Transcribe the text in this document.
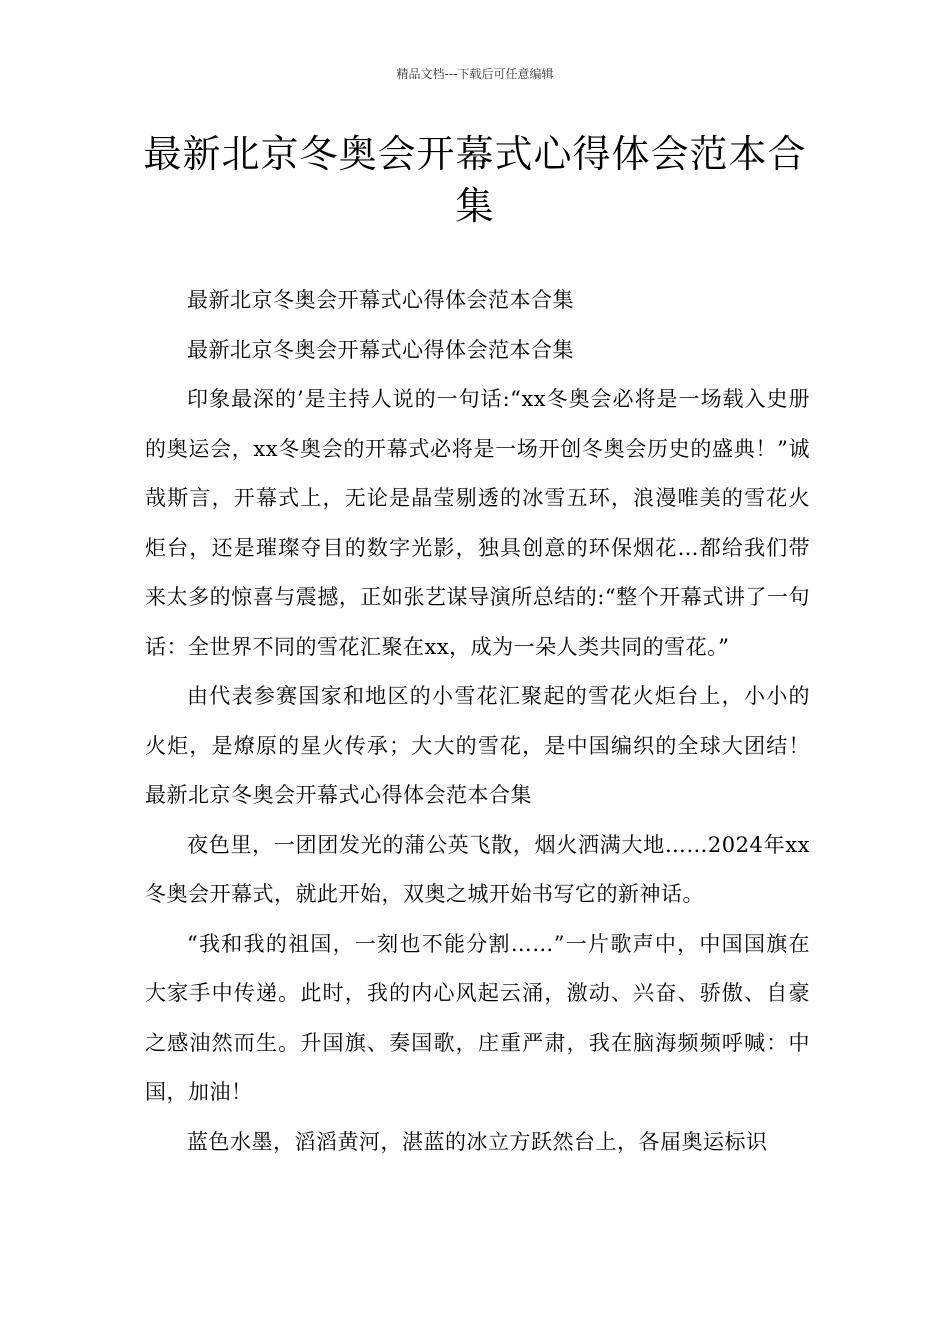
精品文档---下载后可任意编辑
最新北京冬奥会开幕式心得体会范本合集

最新北京冬奥会开幕式心得体会范本合集

最新北京冬奥会开幕式心得体会范本合集

印象最深的’是主持人说的一句话:“xx冬奥会必将是一场载入史册的奥运会，xx冬奥会的开幕式必将是一场开创冬奥会历史的盛典！”诚哉斯言，开幕式上，无论是晶莹剔透的冰雪五环，浪漫唯美的雪花火炬台，还是璀璨夺目的数字光影，独具创意的环保烟花…都给我们带来太多的惊喜与震撼，正如张艺谋导演所总结的:“整个开幕式讲了一句话：全世界不同的雪花汇聚在xx，成为一朵人类共同的雪花。”

由代表参赛国家和地区的小雪花汇聚起的雪花火炬台上，小小的火炬，是燎原的星火传承；大大的雪花，是中国编织的全球大团结！　　最新北京冬奥会开幕式心得体会范本合集

夜色里，一团团发光的蒲公英飞散，烟火洒满大地……2024年xx冬奥会开幕式，就此开始，双奥之城开始书写它的新神话。

“我和我的祖国，一刻也不能分割……”一片歌声中，中国国旗在大家手中传递。此时，我的内心风起云涌，激动、兴奋、骄傲、自豪之感油然而生。升国旗、奏国歌，庄重严肃，我在脑海频频呼喊：中国，加油！

蓝色水墨，滔滔黄河，湛蓝的冰立方跃然台上，各届奥运标识
